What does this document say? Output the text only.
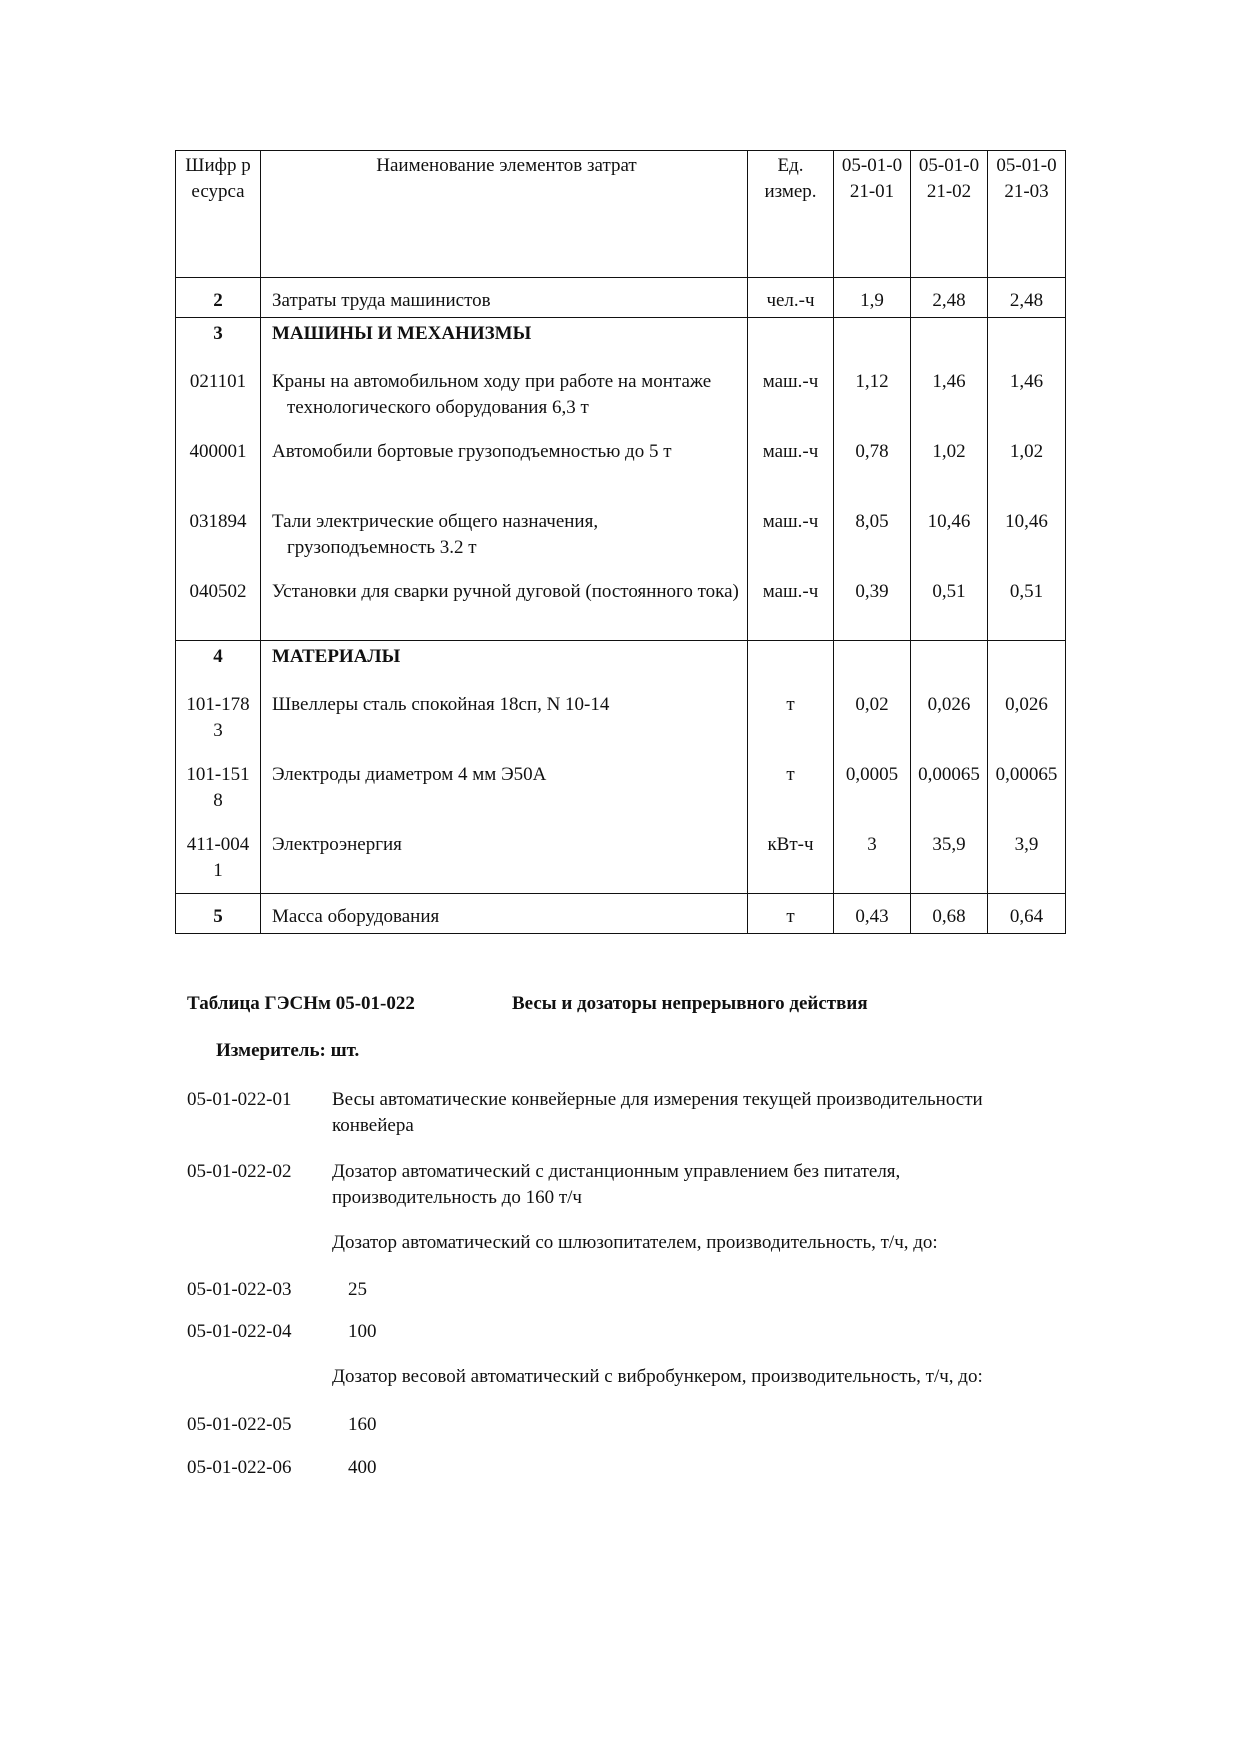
Шифр ресурса	Наименование элементов затрат	Ед. измер.	05-01-021-01	05-01-021-02	05-01-021-03
2	Затраты труда машинистов	чел.-ч	1,9	2,48	2,48
3	МАШИНЫ И МЕХАНИЗМЫ				
021101	Краны на автомобильном ходу при работе на монтаже технологического оборудования 6,3 т	маш.-ч	1,12	1,46	1,46
400001	Автомобили бортовые грузоподъемностью до 5 т	маш.-ч	0,78	1,02	1,02
031894	Тали электрические общего назначения, грузоподъемность 3.2 т	маш.-ч	8,05	10,46	10,46
040502	Установки для сварки ручной дуговой (постоянного тока)	маш.-ч	0,39	0,51	0,51
4	МАТЕРИАЛЫ				
101-1783	Швеллеры сталь спокойная 18сп, N 10-14	т	0,02	0,026	0,026
101-1518	Электроды диаметром 4 мм Э50А	т	0,0005	0,00065	0,00065
411-0041	Электроэнергия	кВт-ч	3	35,9	3,9
5	Масса оборудования	т	0,43	0,68	0,64
Таблица ГЭСНм 05-01-022	Весы и дозаторы непрерывного действия
Измеритель: шт.
05-01-022-01	Весы автоматические конвейерные для измерения текущей производительности конвейера
05-01-022-02	Дозатор автоматический с дистанционным управлением без питателя, производительность до 160 т/ч
Дозатор автоматический со шлюзопитателем, производительность, т/ч, до:
05-01-022-03	25
05-01-022-04	100
Дозатор весовой автоматический с вибробункером, производительность, т/ч, до:
05-01-022-05	160
05-01-022-06	400
